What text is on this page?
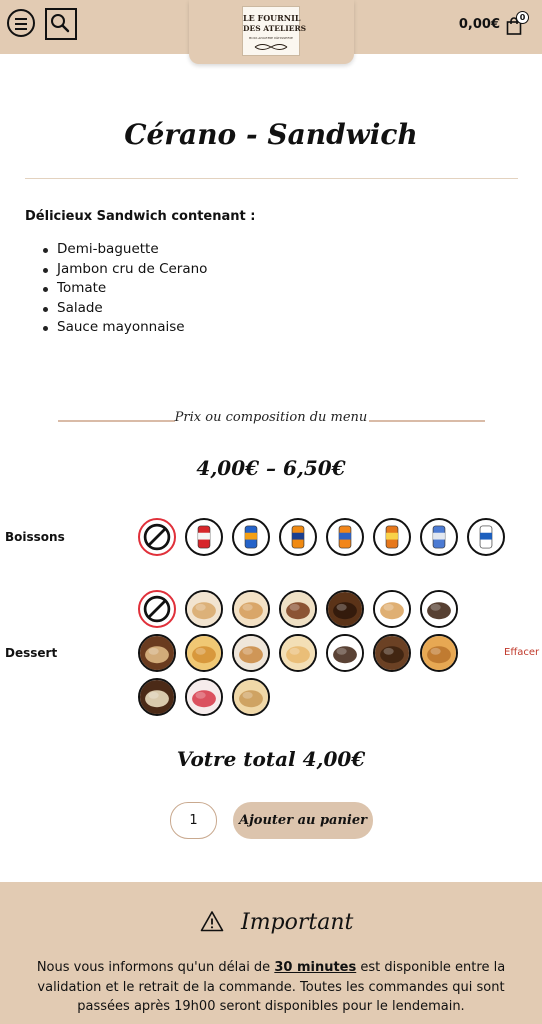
0,00€	0
LE FOURNIL
DES ATELIERS
BOULANGERIE PÂTISSERIE
Cérano - Sandwich

Délicieux Sandwich contenant :

Demi-baguette
Jambon cru de Cerano
Tomate
Salade
Sauce mayonnaise
Prix ou composition du menu
4,00€ – 6,50€
Boissons
Dessert	Effacer
Votre total 4,00€
1
Ajouter au panier
Important

Nous vous informons qu'un délai de 30 minutes est disponible entre la validation et le retrait de la commande. Toutes les commandes qui sont passées après 19h00 seront disponibles pour le lendemain.
